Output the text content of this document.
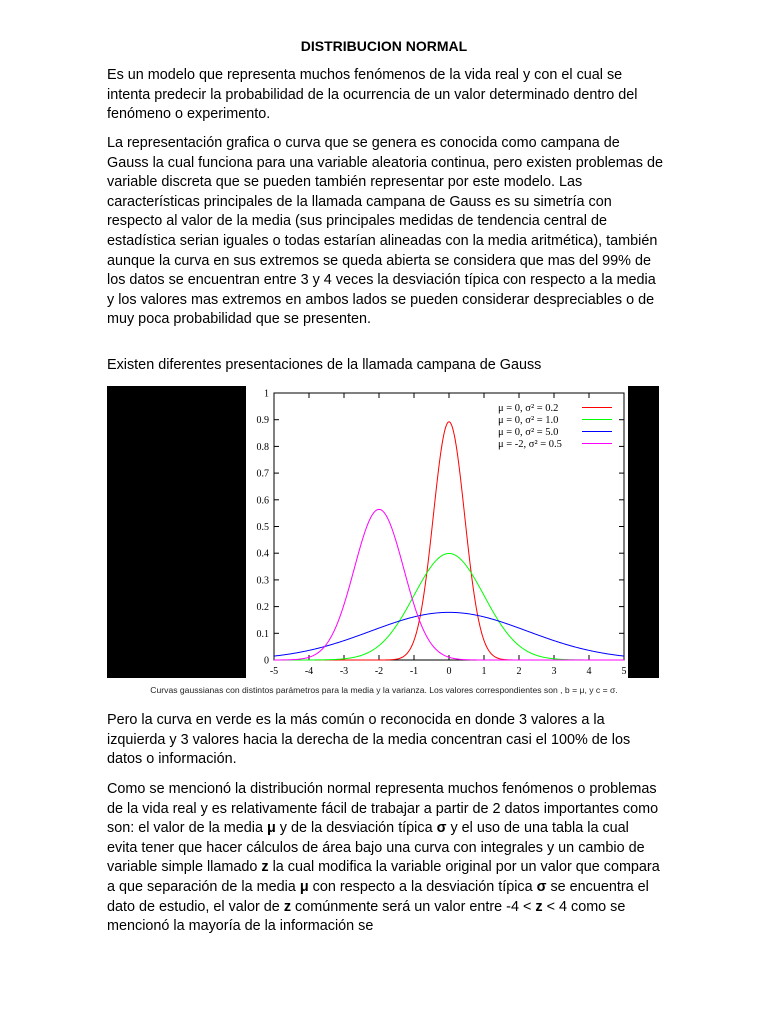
DISTRIBUCION NORMAL

Es un modelo que representa muchos fenómenos de la vida real y con el cual se intenta predecir la probabilidad de la ocurrencia de un valor determinado dentro del fenómeno o experimento.

La representación grafica o curva que se genera es conocida como campana de Gauss la cual funciona para una variable aleatoria continua, pero existen problemas de variable discreta que se pueden también representar por este modelo. Las características principales de la llamada campana de Gauss es su simetría con respecto al valor de la media (sus principales medidas de tendencia central de estadística serian iguales o todas estarían alineadas con la media aritmética), también aunque la curva en sus extremos se queda abierta se considera que mas del 99% de los datos se encuentran entre 3 y 4 veces la desviación típica con respecto a la media y los valores mas extremos en ambos lados se pueden considerar despreciables o de muy poca probabilidad que se presenten.

Existen diferentes presentaciones de la llamada campana de Gauss

-5	-4	-3	-2	-1	0	1	2	3	4	5
0
0.1
0.2
0.3
0.4
0.5
0.6
0.7
0.8
0.9
1
μ = 0, σ² = 0.2
μ = 0, σ² = 1.0
μ = 0, σ² = 5.0
μ = -2, σ² = 0.5
Curvas gaussianas con distintos parámetros para la media y la varianza. Los valores correspondientes son , b = μ, y c = σ.

Pero la curva en verde es la más común o reconocida en donde 3 valores a la izquierda y 3 valores hacia la derecha de la media concentran casi el 100% de los datos o información.

Como se mencionó la distribución normal representa muchos fenómenos o problemas de la vida real y es relativamente fácil de trabajar a partir de 2 datos importantes como son: el valor de la media μ y de la desviación típica σ y el uso de una tabla la cual evita tener que hacer cálculos de área bajo una curva con integrales y un cambio de variable simple llamado z la cual modifica la variable original por un valor que compara a que separación de la media μ con respecto a la desviación típica σ se encuentra el dato de estudio, el valor de z comúnmente será un valor entre -4 < z < 4 como se mencionó la mayoría de la información se
